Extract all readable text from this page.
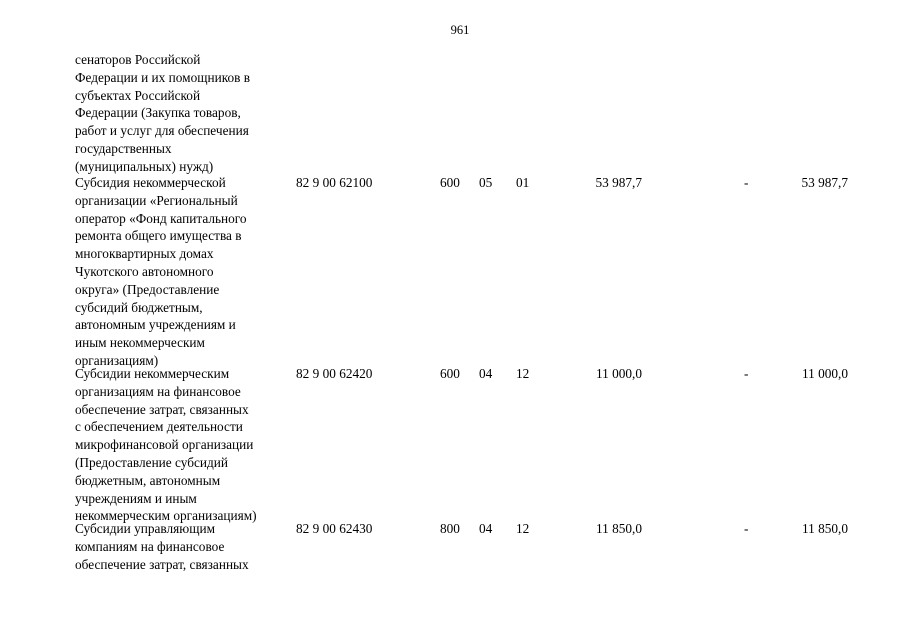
961
сенаторов Российской
Федерации и их помощников в
субъектах Российской
Федерации (Закупка товаров,
работ и услуг для обеспечения
государственных
(муниципальных) нужд)
Субсидия некоммерческой
организации «Региональный
оператор «Фонд капитального
ремонта общего имущества в
многоквартирных домах
Чукотского автономного
округа» (Предоставление
субсидий бюджетным,
автономным учреждениям и
иным некоммерческим
организациям)
82 9 00 62100	600 05 01	53 987,7	-	53 987,7
Субсидии некоммерческим
организациям на финансовое
обеспечение затрат, связанных
с обеспечением деятельности
микрофинансовой организации
(Предоставление субсидий
бюджетным, автономным
учреждениям и иным
некоммерческим организациям)
82 9 00 62420	600 04 12	11 000,0	-	11 000,0
Субсидии управляющим
компаниям на финансовое
обеспечение затрат, связанных
82 9 00 62430	800 04 12	11 850,0	-	11 850,0
